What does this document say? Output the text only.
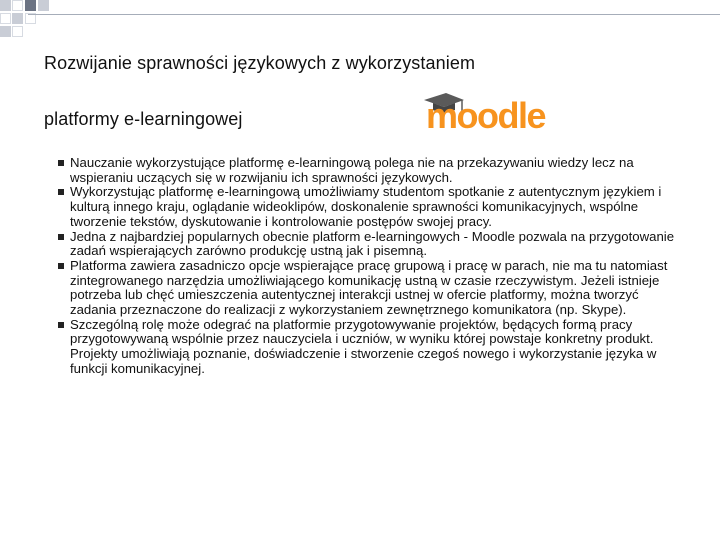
Rozwijanie sprawności językowych z wykorzystaniem
platformy e-learningowej	moodle
Nauczanie wykorzystujące platformę e-learningową polega nie na przekazywaniu wiedzy lecz na wspieraniu uczących się w rozwijaniu ich sprawności językowych.
Wykorzystując platformę e-learningową umożliwiamy studentom spotkanie z autentycznym językiem i kulturą innego kraju, oglądanie wideoklipów, doskonalenie sprawności komunikacyjnych, wspólne tworzenie tekstów, dyskutowanie i kontrolowanie postępów swojej pracy.
Jedna z najbardziej popularnych obecnie platform e-learningowych - Moodle pozwala na przygotowanie zadań wspierających zarówno produkcję ustną jak i pisemną.
Platforma zawiera zasadniczo opcje wspierające pracę grupową i pracę w parach, nie ma tu natomiast zintegrowanego narzędzia umożliwiającego komunikację ustną w czasie rzeczywistym. Jeżeli istnieje potrzeba lub chęć umieszczenia autentycznej interakcji ustnej w ofercie platformy, można tworzyć zadania przeznaczone do realizacji z wykorzystaniem zewnętrznego komunikatora (np. Skype).
Szczególną rolę może odegrać na platformie przygotowywanie projektów, będących formą pracy przygotowywaną wspólnie przez nauczyciela i uczniów, w wyniku której powstaje konkretny produkt. Projekty umożliwiają poznanie, doświadczenie i stworzenie czegoś nowego i wykorzystanie języka w funkcji komunikacyjnej.
